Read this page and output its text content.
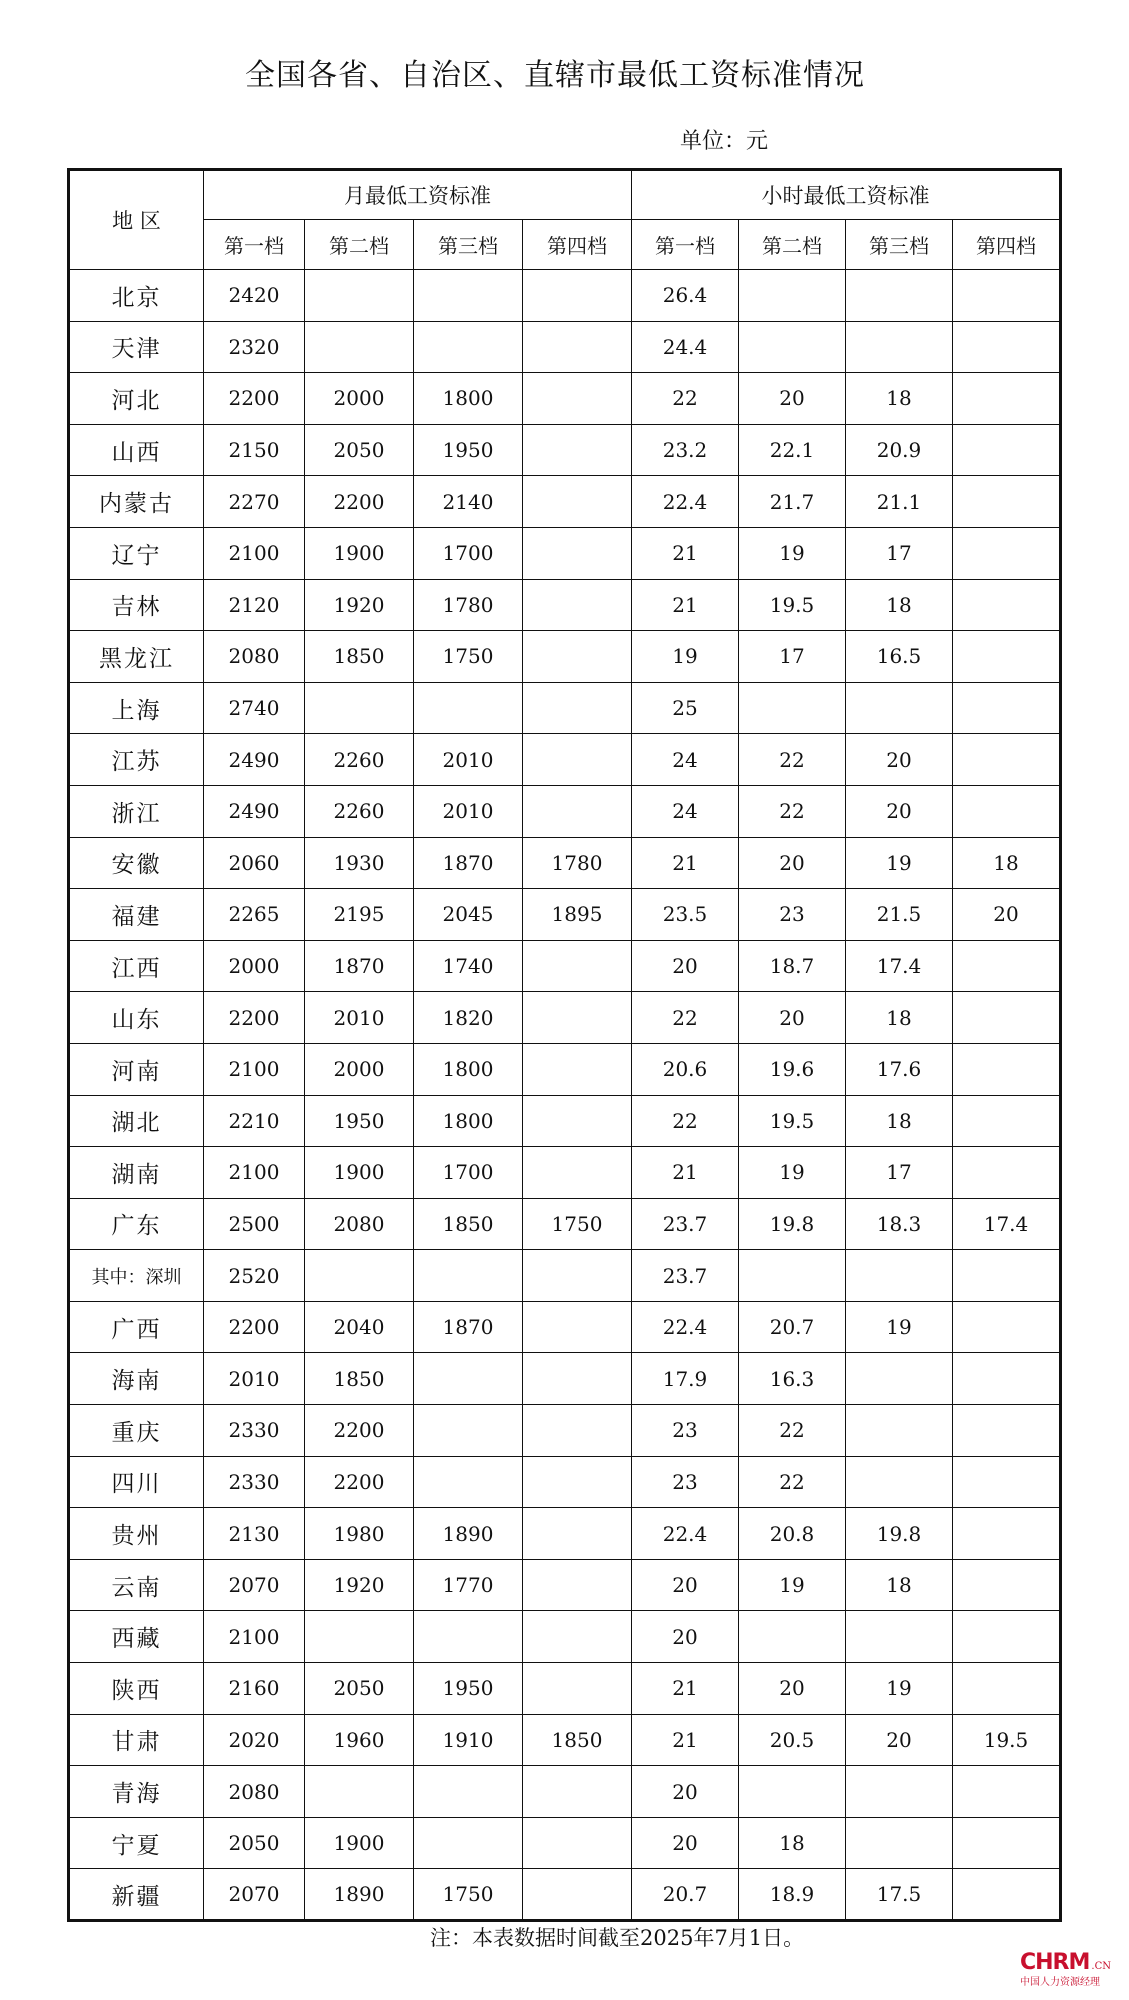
全国各省、自治区、直辖市最低工资标准情况
单位：元
地 区	月最低工资标准				小时最低工资标准			
	第一档	第二档	第三档	第四档	第一档	第二档	第三档	第四档
北京	2420				26.4			
天津	2320				24.4			
河北	2200	2000	1800		22	20	18	
山西	2150	2050	1950		23.2	22.1	20.9	
内蒙古	2270	2200	2140		22.4	21.7	21.1	
辽宁	2100	1900	1700		21	19	17	
吉林	2120	1920	1780		21	19.5	18	
黑龙江	2080	1850	1750		19	17	16.5	
上海	2740				25			
江苏	2490	2260	2010		24	22	20	
浙江	2490	2260	2010		24	22	20	
安徽	2060	1930	1870	1780	21	20	19	18
福建	2265	2195	2045	1895	23.5	23	21.5	20
江西	2000	1870	1740		20	18.7	17.4	
山东	2200	2010	1820		22	20	18	
河南	2100	2000	1800		20.6	19.6	17.6	
湖北	2210	1950	1800		22	19.5	18	
湖南	2100	1900	1700		21	19	17	
广东	2500	2080	1850	1750	23.7	19.8	18.3	17.4
其中：深圳	2520				23.7			
广西	2200	2040	1870		22.4	20.7	19	
海南	2010	1850			17.9	16.3		
重庆	2330	2200			23	22		
四川	2330	2200			23	22		
贵州	2130	1980	1890		22.4	20.8	19.8	
云南	2070	1920	1770		20	19	18	
西藏	2100				20			
陕西	2160	2050	1950		21	20	19	
甘肃	2020	1960	1910	1850	21	20.5	20	19.5
青海	2080				20			
宁夏	2050	1900			20	18		
新疆	2070	1890	1750		20.7	18.9	17.5	
注：本表数据时间截至2025年7月1日。
CHRM .CN
中国人力资源经理
